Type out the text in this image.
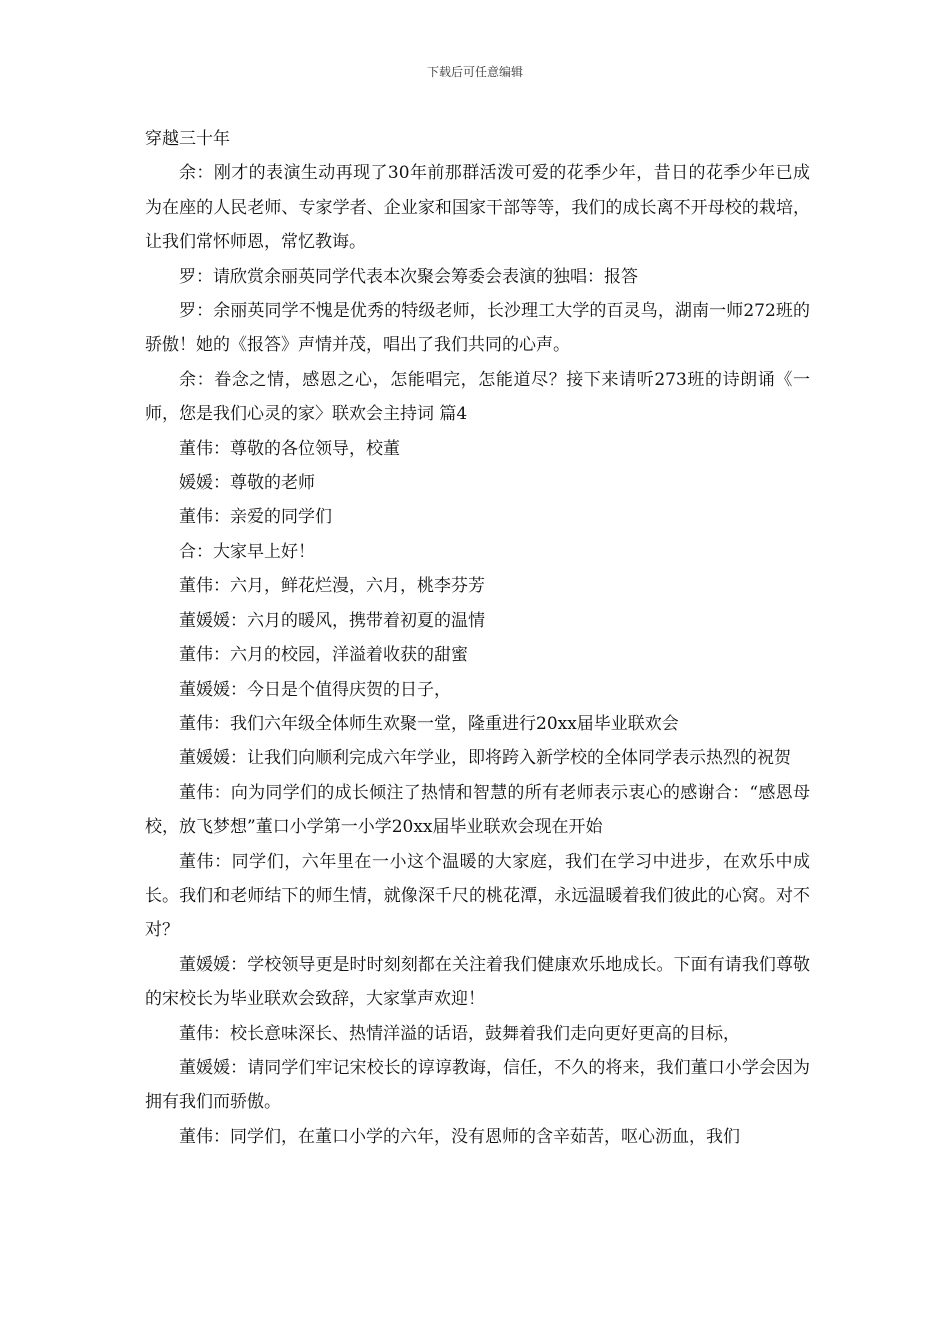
下载后可任意编辑
穿越三十年

余：刚才的表演生动再现了30年前那群活泼可爱的花季少年，昔日的花季少年已成为在座的人民老师、专家学者、企业家和国家干部等等，我们的成长离不开母校的栽培，让我们常怀师恩，常忆教诲。

罗：请欣赏余丽英同学代表本次聚会筹委会表演的独唱：报答

罗：余丽英同学不愧是优秀的特级老师，长沙理工大学的百灵鸟，湖南一师272班的骄傲！她的《报答》声情并茂，唱出了我们共同的心声。

余：眷念之情，感恩之心，怎能唱完，怎能道尽？接下来请听273班的诗朗诵《一师，您是我们心灵的家〉联欢会主持词 篇4

董伟：尊敬的各位领导，校董

媛媛：尊敬的老师

董伟：亲爱的同学们

合：大家早上好！

董伟：六月，鲜花烂漫，六月，桃李芬芳

董媛媛：六月的暖风，携带着初夏的温情

董伟：六月的校园，洋溢着收获的甜蜜

董媛媛：今日是个值得庆贺的日子，

董伟：我们六年级全体师生欢聚一堂，隆重进行20xx届毕业联欢会

董媛媛：让我们向顺利完成六年学业，即将跨入新学校的全体同学表示热烈的祝贺

董伟：向为同学们的成长倾注了热情和智慧的所有老师表示衷心的感谢合：“感恩母校，放飞梦想”董口小学第一小学20xx届毕业联欢会现在开始

董伟：同学们，六年里在一小这个温暖的大家庭，我们在学习中进步，在欢乐中成长。我们和老师结下的师生情，就像深千尺的桃花潭，永远温暖着我们彼此的心窝。对不对？

董媛媛：学校领导更是时时刻刻都在关注着我们健康欢乐地成长。下面有请我们尊敬的宋校长为毕业联欢会致辞，大家掌声欢迎！

董伟：校长意味深长、热情洋溢的话语，鼓舞着我们走向更好更高的目标，

董媛媛：请同学们牢记宋校长的谆谆教诲，信任，不久的将来，我们董口小学会因为拥有我们而骄傲。

董伟：同学们，在董口小学的六年，没有恩师的含辛茹苦，呕心沥血，我们
